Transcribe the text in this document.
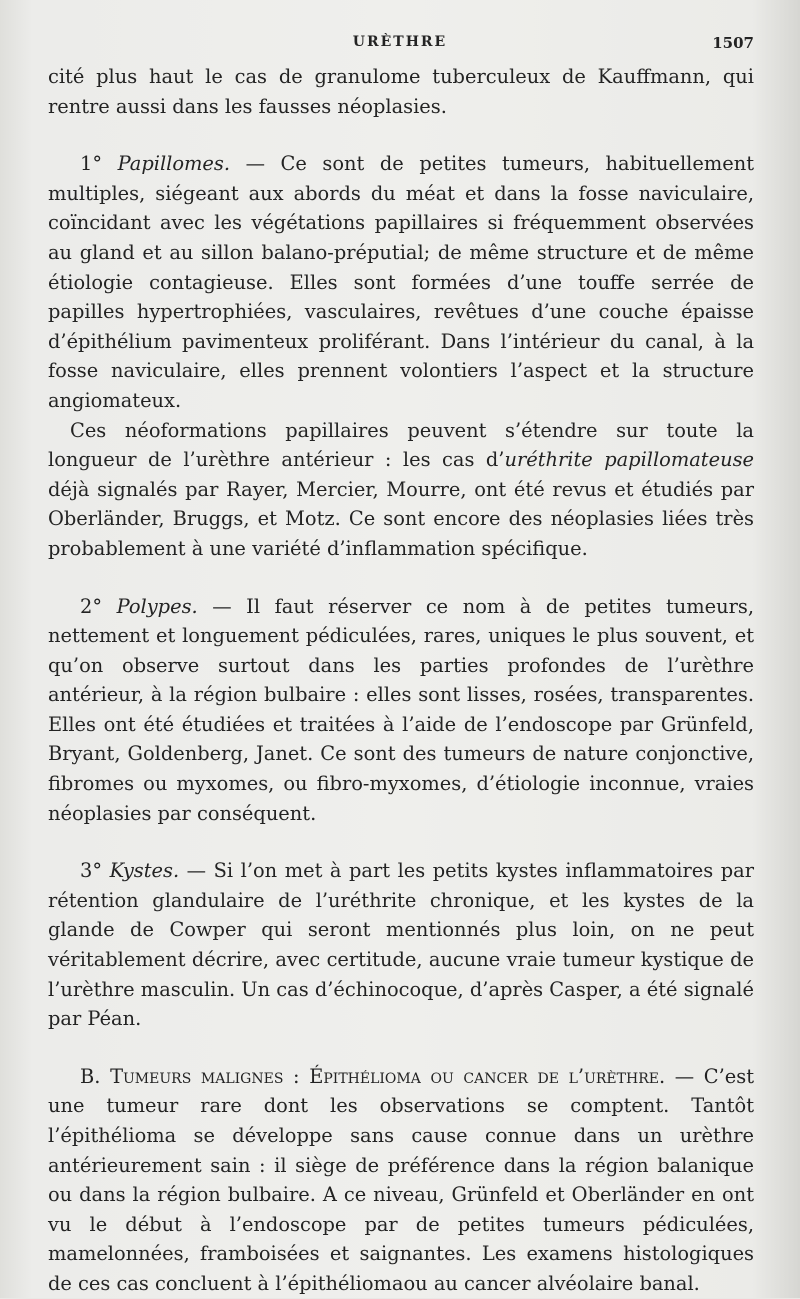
URÈTHRE	1507

cité plus haut le cas de granulome tuberculeux de Kauffmann, qui rentre aussi dans les fausses néoplasies.

1° Papillomes. — Ce sont de petites tumeurs, habituellement multiples, siégeant aux abords du méat et dans la fosse naviculaire, coïncidant avec les végétations papillaires si fréquemment observées au gland et au sillon balano-préputial; de même structure et de même étiologie contagieuse. Elles sont formées d’une touffe serrée de papilles hypertrophiées, vasculaires, revêtues d’une couche épaisse d’épithélium pavimenteux proliférant. Dans l’intérieur du canal, à la fosse naviculaire, elles prennent volontiers l’aspect et la structure angiomateux.

Ces néoformations papillaires peuvent s’étendre sur toute la longueur de l’urèthre antérieur : les cas d’uréthrite papillomateuse déjà signalés par Rayer, Mercier, Mourre, ont été revus et étudiés par Oberländer, Bruggs, et Motz. Ce sont encore des néoplasies liées très probablement à une variété d’inflammation spécifique.

2° Polypes. — Il faut réserver ce nom à de petites tumeurs, nettement et longuement pédiculées, rares, uniques le plus souvent, et qu’on observe surtout dans les parties profondes de l’urèthre antérieur, à la région bulbaire : elles sont lisses, rosées, transparentes. Elles ont été étudiées et traitées à l’aide de l’endoscope par Grünfeld, Bryant, Goldenberg, Janet. Ce sont des tumeurs de nature conjonctive, fibromes ou myxomes, ou fibro-myxomes, d’étiologie inconnue, vraies néoplasies par conséquent.

3° Kystes. — Si l’on met à part les petits kystes inflammatoires par rétention glandulaire de l’uréthrite chronique, et les kystes de la glande de Cowper qui seront mentionnés plus loin, on ne peut véritablement décrire, avec certitude, aucune vraie tumeur kystique de l’urèthre masculin. Un cas d’échinocoque, d’après Casper, a été signalé par Péan.

B. Tumeurs malignes : Épithélioma ou cancer de l’urèthre. — C’est une tumeur rare dont les observations se comptent. Tantôt l’épithélioma se développe sans cause connue dans un urèthre antérieurement sain : il siège de préférence dans la région balanique ou dans la région bulbaire. A ce niveau, Grünfeld et Oberländer en ont vu le début à l’endoscope par de petites tumeurs pédiculées, mamelonnées, framboisées et saignantes. Les examens histologiques de ces cas concluent à l’épithéliomaou au cancer alvéolaire banal.
